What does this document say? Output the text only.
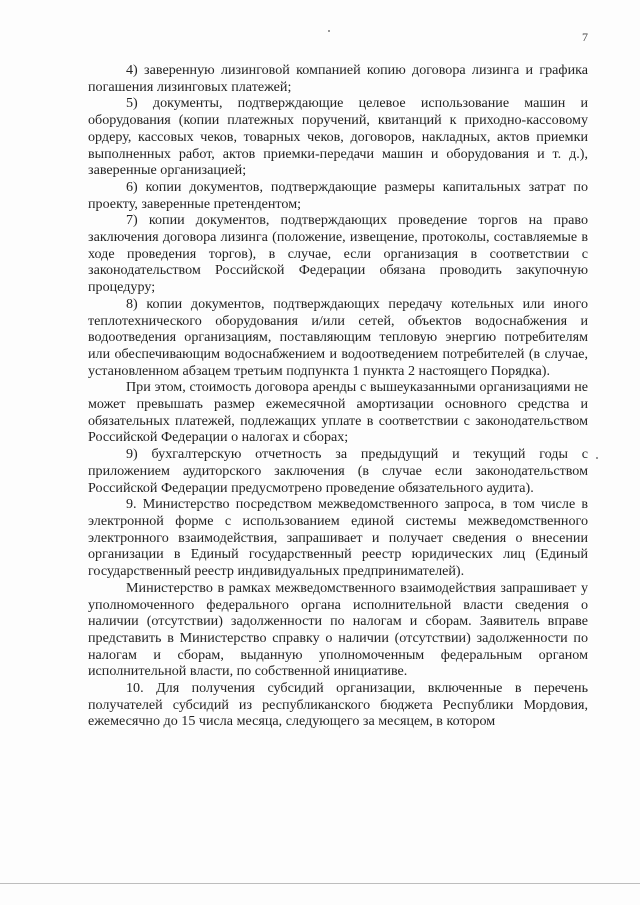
7

4) заверенную лизинговой компанией копию договора лизинга и графика погашения лизинговых платежей;

5) документы, подтверждающие целевое использование машин и оборудования (копии платежных поручений, квитанций к приходно-кассовому ордеру, кассовых чеков, товарных чеков, договоров, накладных, актов приемки выполненных работ, актов приемки-передачи машин и оборудования и т. д.), заверенные организацией;

6) копии документов, подтверждающие размеры капитальных затрат по проекту, заверенные претендентом;

7) копии документов, подтверждающих проведение торгов на право заключения договора лизинга (положение, извещение, протоколы, составляемые в ходе проведения торгов), в случае, если организация в соответствии с законодательством Российской Федерации обязана проводить закупочную процедуру;

8) копии документов, подтверждающих передачу котельных или иного теплотехнического оборудования и/или сетей, объектов водоснабжения и водоотведения организациям, поставляющим тепловую энергию потребителям или обеспечивающим водоснабжением и водоотведением потребителей (в случае, установленном абзацем третьим подпункта 1 пункта 2 настоящего Порядка).

При этом, стоимость договора аренды с вышеуказанными организациями не может превышать размер ежемесячной амортизации основного средства и обязательных платежей, подлежащих уплате в соответствии с законодательством Российской Федерации о налогах и сборах;

9) бухгалтерскую отчетность за предыдущий и текущий годы с приложением аудиторского заключения (в случае если законодательством Российской Федерации предусмотрено проведение обязательного аудита).

9. Министерство посредством межведомственного запроса, в том числе в электронной форме с использованием единой системы межведомственного электронного взаимодействия, запрашивает и получает сведения о внесении организации в Единый государственный реестр юридических лиц (Единый государственный реестр индивидуальных предпринимателей).

Министерство в рамках межведомственного взаимодействия запрашивает у уполномоченного федерального органа исполнительной власти сведения о наличии (отсутствии) задолженности по налогам и сборам. Заявитель вправе представить в Министерство справку о наличии (отсутствии) задолженности по налогам и сборам, выданную уполномоченным федеральным органом исполнительной власти, по собственной инициативе.

10. Для получения субсидий организации, включенные в перечень получателей субсидий из республиканского бюджета Республики Мордовия, ежемесячно до 15 числа месяца, следующего за месяцем, в котором
